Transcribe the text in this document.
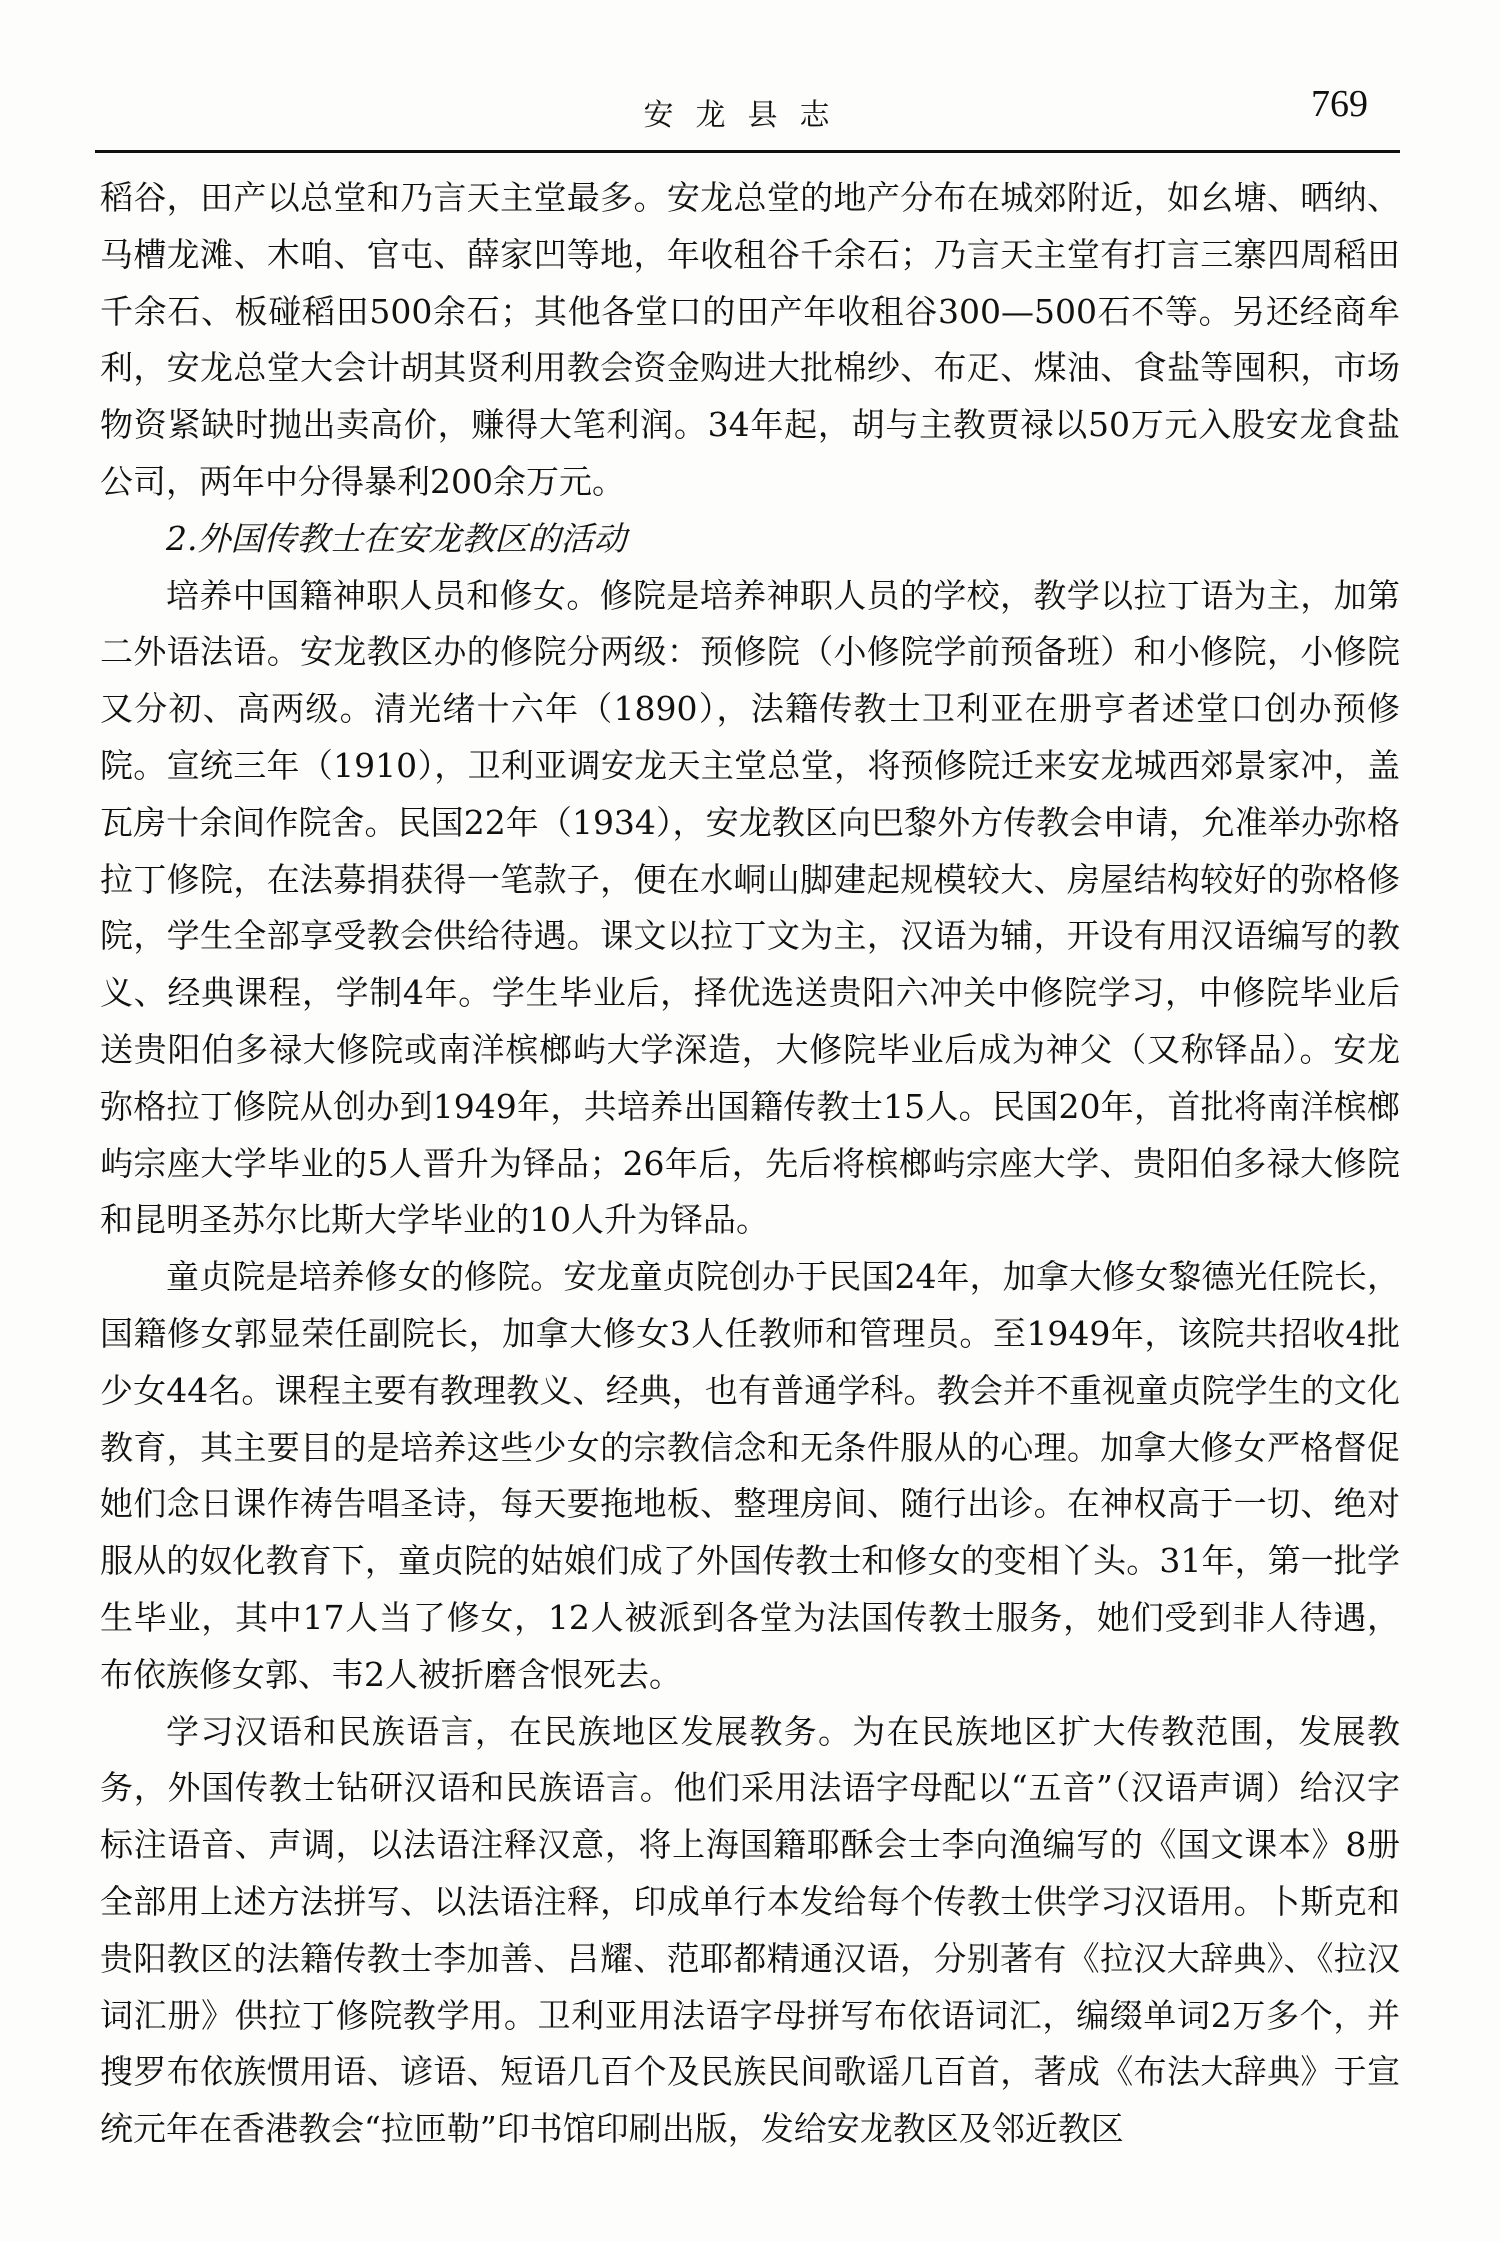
安龙县志	769

稻谷，田产以总堂和乃言天主堂最多。安龙总堂的地产分布在城郊附近，如幺塘、晒纳、马槽龙滩、木咱、官屯、薛家凹等地，年收租谷千余石；乃言天主堂有打言三寨四周稻田千余石、板碰稻田500余石；其他各堂口的田产年收租谷300—500石不等。另还经商牟利，安龙总堂大会计胡其贤利用教会资金购进大批棉纱、布疋、煤油、食盐等囤积，市场物资紧缺时抛出卖高价，赚得大笔利润。34年起，胡与主教贾禄以50万元入股安龙食盐公司，两年中分得暴利200余万元。

2.外国传教士在安龙教区的活动

培养中国籍神职人员和修女。修院是培养神职人员的学校，教学以拉丁语为主，加第二外语法语。安龙教区办的修院分两级：预修院（小修院学前预备班）和小修院，小修院又分初、高两级。清光绪十六年（1890），法籍传教士卫利亚在册亨者述堂口创办预修院。宣统三年（1910），卫利亚调安龙天主堂总堂，将预修院迁来安龙城西郊景家冲，盖瓦房十余间作院舍。民国22年（1934），安龙教区向巴黎外方传教会申请，允准举办弥格拉丁修院，在法募捐获得一笔款子，便在水峒山脚建起规模较大、房屋结构较好的弥格修院，学生全部享受教会供给待遇。课文以拉丁文为主，汉语为辅，开设有用汉语编写的教义、经典课程，学制4年。学生毕业后，择优选送贵阳六冲关中修院学习，中修院毕业后送贵阳伯多禄大修院或南洋槟榔屿大学深造，大修院毕业后成为神父（又称铎品）。安龙弥格拉丁修院从创办到1949年，共培养出国籍传教士15人。民国20年，首批将南洋槟榔屿宗座大学毕业的5人晋升为铎品；26年后，先后将槟榔屿宗座大学、贵阳伯多禄大修院和昆明圣苏尔比斯大学毕业的10人升为铎品。

童贞院是培养修女的修院。安龙童贞院创办于民国24年，加拿大修女黎德光任院长，国籍修女郭显荣任副院长，加拿大修女3人任教师和管理员。至1949年，该院共招收4批少女44名。课程主要有教理教义、经典，也有普通学科。教会并不重视童贞院学生的文化教育，其主要目的是培养这些少女的宗教信念和无条件服从的心理。加拿大修女严格督促她们念日课作祷告唱圣诗，每天要拖地板、整理房间、随行出诊。在神权高于一切、绝对服从的奴化教育下，童贞院的姑娘们成了外国传教士和修女的变相丫头。31年，第一批学生毕业，其中17人当了修女，12人被派到各堂为法国传教士服务，她们受到非人待遇，布依族修女郭、韦2人被折磨含恨死去。

学习汉语和民族语言，在民族地区发展教务。为在民族地区扩大传教范围，发展教务，外国传教士钻研汉语和民族语言。他们采用法语字母配以“五音”（汉语声调）给汉字标注语音、声调，以法语注释汉意，将上海国籍耶酥会士李向渔编写的《国文课本》8册全部用上述方法拼写、以法语注释，印成单行本发给每个传教士供学习汉语用。卜斯克和贵阳教区的法籍传教士李加善、吕耀、范耶都精通汉语，分别著有《拉汉大辞典》、《拉汉词汇册》供拉丁修院教学用。卫利亚用法语字母拼写布依语词汇，编缀单词2万多个，并搜罗布依族惯用语、谚语、短语几百个及民族民间歌谣几百首，著成《布法大辞典》于宣统元年在香港教会“拉匝勒”印书馆印刷出版，发给安龙教区及邻近教区
